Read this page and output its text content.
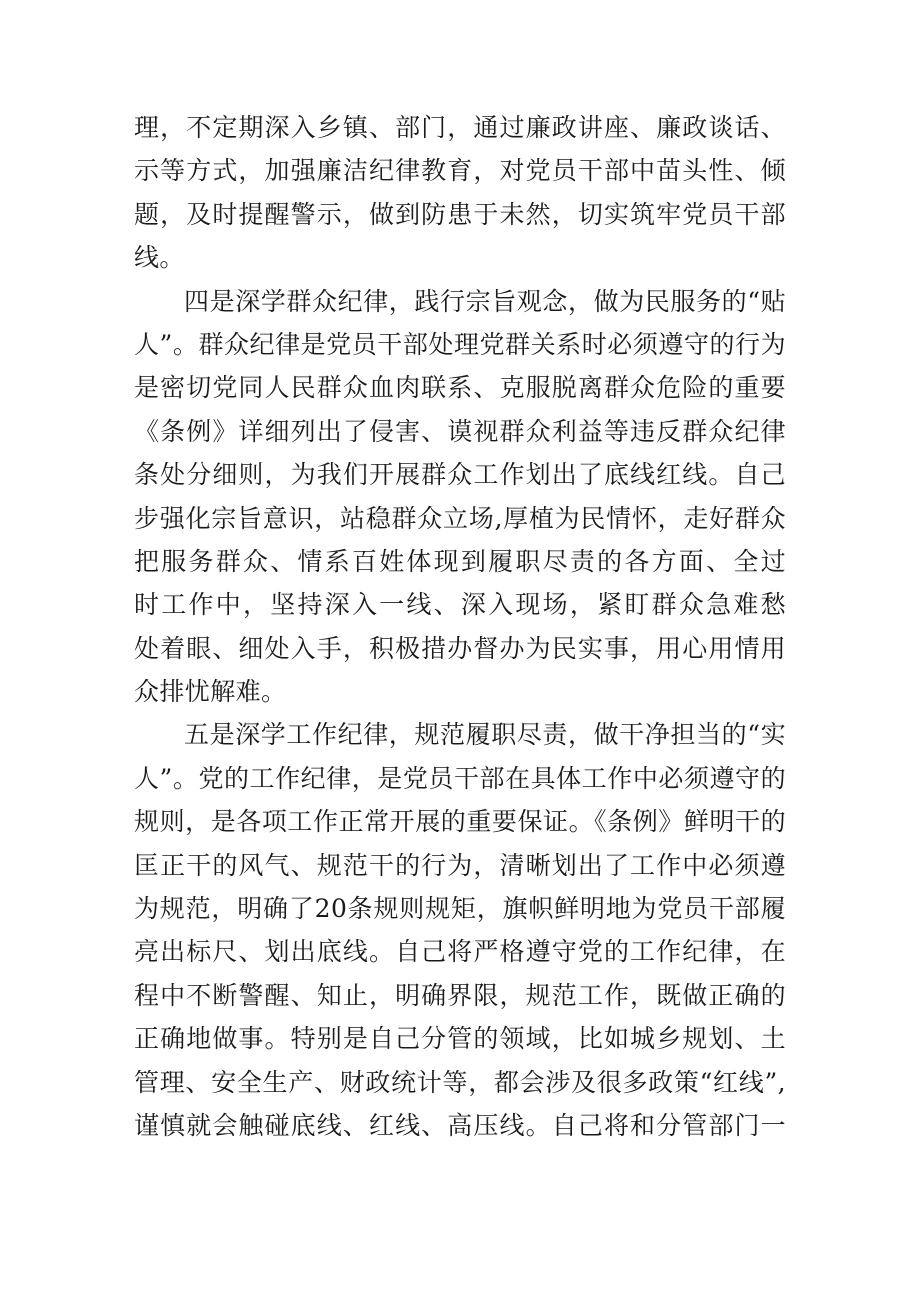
理，不定期深入乡镇、部门，通过廉政讲座、廉政谈话、
示等方式，加强廉洁纪律教育，对党员干部中苗头性、倾
题，及时提醒警示，做到防患于未然，切实筑牢党员干部
线。
四是深学群众纪律，践行宗旨观念，做为民服务的“贴
人”。群众纪律是党员干部处理党群关系时必须遵守的行为
是密切党同人民群众血肉联系、克服脱离群众危险的重要
《条例》详细列出了侵害、谟视群众利益等违反群众纪律
条处分细则，为我们开展群众工作划出了底线红线。自己
步强化宗旨意识，站稳群众立场,厚植为民情怀，走好群众
把服务群众、情系百姓体现到履职尽责的各方面、全过
时工作中，坚持深入一线、深入现场，紧盯群众急难愁
处着眼、细处入手，积极措办督办为民实事，用心用情用
众排忧解难。
五是深学工作纪律，规范履职尽责，做干净担当的“实
人”。党的工作纪律，是党员干部在具体工作中必须遵守的
规则，是各项工作正常开展的重要保证。《条例》鲜明干的
匡正干的风气、规范干的行为，清晰划出了工作中必须遵
为规范，明确了20条规则规矩，旗帜鲜明地为党员干部履
亮出标尺、划出底线。自己将严格遵守党的工作纪律，在
程中不断警醒、知止，明确界限，规范工作，既做正确的
正确地做事。特别是自己分管的领域，比如城乡规划、土
管理、安全生产、财政统计等，都会涉及很多政策“红线”,
谨慎就会触碰底线、红线、高压线。自己将和分管部门一
